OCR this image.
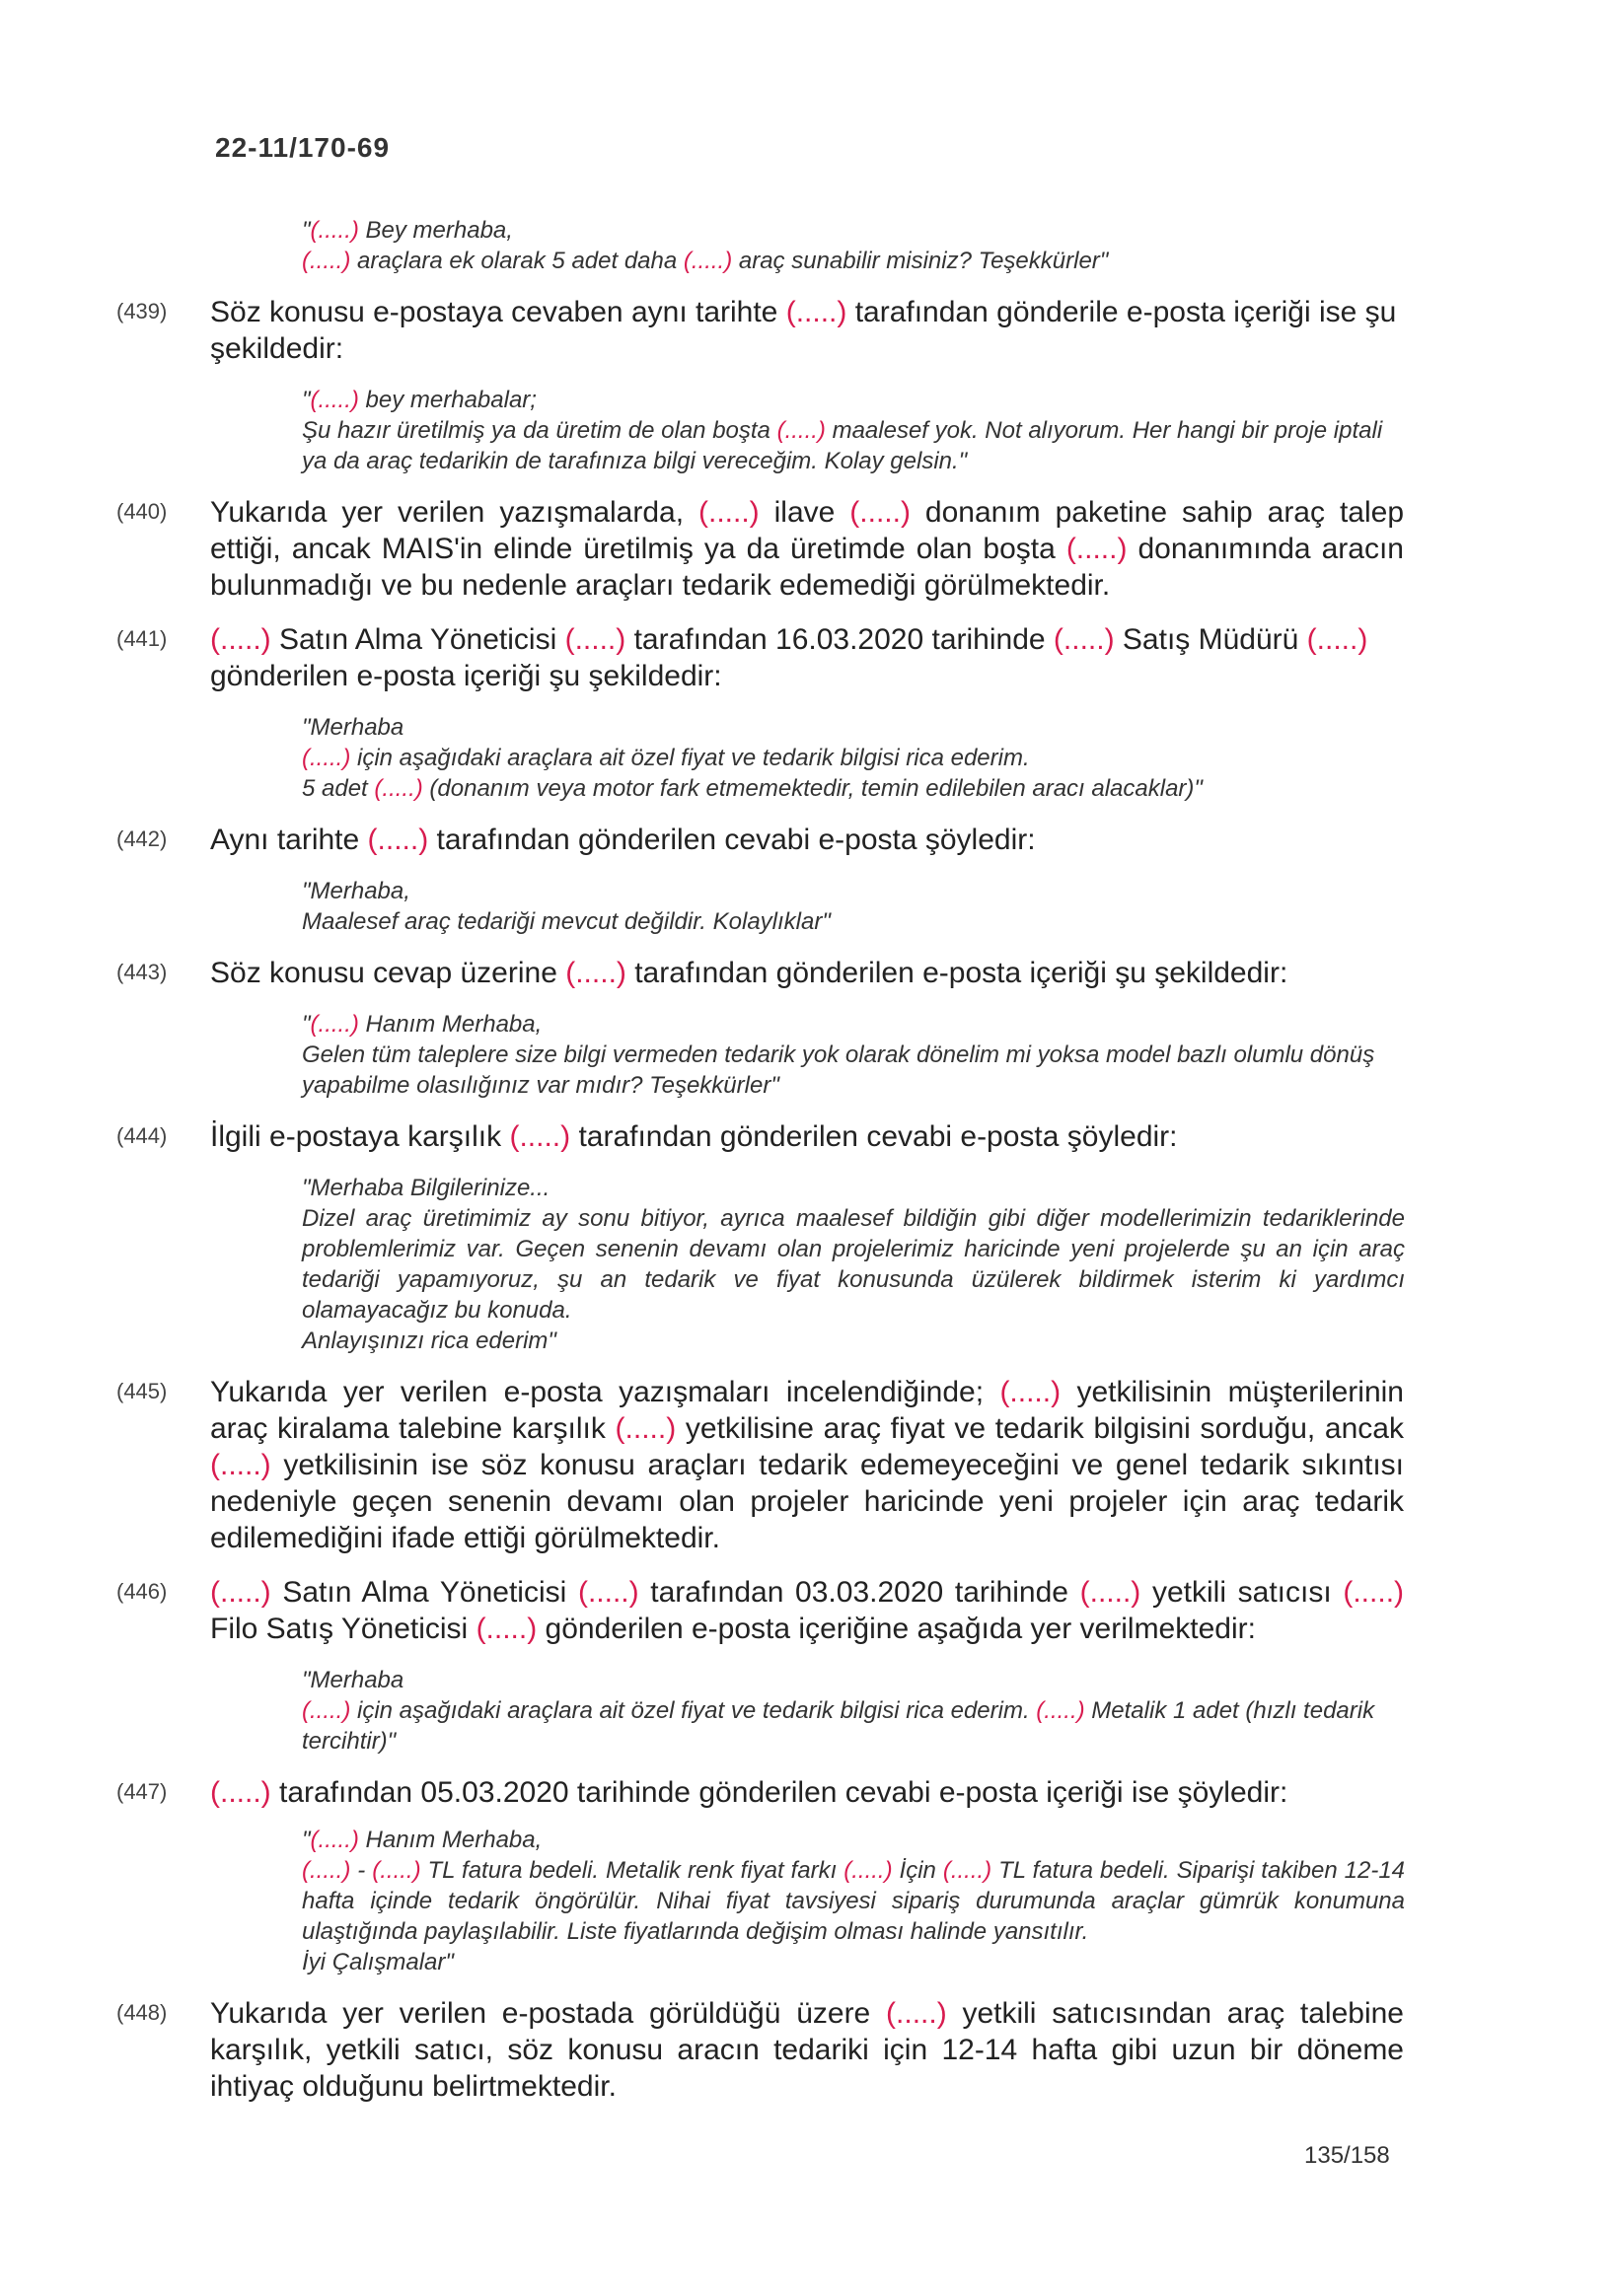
22-11/170-69
"(.....) Bey merhaba,
(.....) araçlara ek olarak 5 adet daha (.....) araç sunabilir misiniz? Teşekkürler"
(439)	Söz konusu e-postaya cevaben aynı tarihte (.....) tarafından gönderile e-posta içeriği ise şu şekildedir:
"(.....) bey merhabalar;
Şu hazır üretilmiş ya da üretim de olan boşta (.....) maalesef yok. Not alıyorum. Her hangi bir proje iptali ya da araç tedarikin de tarafınıza bilgi vereceğim. Kolay gelsin."
(440)	Yukarıda yer verilen yazışmalarda, (.....) ilave (.....) donanım paketine sahip araç talep ettiği, ancak MAIS'in elinde üretilmiş ya da üretimde olan boşta (.....) donanımında aracın bulunmadığı ve bu nedenle araçları tedarik edemediği görülmektedir.
(441)	(.....) Satın Alma Yöneticisi (.....) tarafından 16.03.2020 tarihinde (.....) Satış Müdürü (.....) gönderilen e-posta içeriği şu şekildedir:
"Merhaba
(.....) için aşağıdaki araçlara ait özel fiyat ve tedarik bilgisi rica ederim.
5 adet (.....) (donanım veya motor fark etmemektedir, temin edilebilen aracı alacaklar)"
(442)	Aynı tarihte (.....) tarafından gönderilen cevabi e-posta şöyledir:
"Merhaba,
Maalesef araç tedariği mevcut değildir. Kolaylıklar"
(443)	Söz konusu cevap üzerine (.....) tarafından gönderilen e-posta içeriği şu şekildedir:
"(.....) Hanım Merhaba,
Gelen tüm taleplere size bilgi vermeden tedarik yok olarak dönelim mi yoksa model bazlı olumlu dönüş yapabilme olasılığınız var mıdır? Teşekkürler"
(444)	İlgili e-postaya karşılık (.....) tarafından gönderilen cevabi e-posta şöyledir:
"Merhaba Bilgilerinize...
Dizel araç üretimimiz ay sonu bitiyor, ayrıca maalesef bildiğin gibi diğer modellerimizin tedariklerinde problemlerimiz var. Geçen senenin devamı olan projelerimiz haricinde yeni projelerde şu an için araç tedariği yapamıyoruz, şu an tedarik ve fiyat konusunda üzülerek bildirmek isterim ki yardımcı olamayacağız bu konuda.
Anlayışınızı rica ederim"
(445)	Yukarıda yer verilen e-posta yazışmaları incelendiğinde; (.....) yetkilisinin müşterilerinin araç kiralama talebine karşılık (.....) yetkilisine araç fiyat ve tedarik bilgisini sorduğu, ancak (.....) yetkilisinin ise söz konusu araçları tedarik edemeyeceğini ve genel tedarik sıkıntısı nedeniyle geçen senenin devamı olan projeler haricinde yeni projeler için araç tedarik edilemediğini ifade ettiği görülmektedir.
(446)	(.....) Satın Alma Yöneticisi (.....) tarafından 03.03.2020 tarihinde (.....) yetkili satıcısı (.....) Filo Satış Yöneticisi (.....) gönderilen e-posta içeriğine aşağıda yer verilmektedir:
"Merhaba
(.....) için aşağıdaki araçlara ait özel fiyat ve tedarik bilgisi rica ederim. (.....) Metalik 1 adet (hızlı tedarik tercihtir)"
(447)	(.....) tarafından 05.03.2020 tarihinde gönderilen cevabi e-posta içeriği ise şöyledir:
"(.....) Hanım Merhaba,
(.....) - (.....) TL fatura bedeli. Metalik renk fiyat farkı (.....) İçin (.....) TL fatura bedeli. Siparişi takiben 12-14 hafta içinde tedarik öngörülür. Nihai fiyat tavsiyesi sipariş durumunda araçlar gümrük konumuna ulaştığında paylaşılabilir. Liste fiyatlarında değişim olması halinde yansıtılır.
İyi Çalışmalar"
(448)	Yukarıda yer verilen e-postada görüldüğü üzere (.....) yetkili satıcısından araç talebine karşılık, yetkili satıcı, söz konusu aracın tedariki için 12-14 hafta gibi uzun bir döneme ihtiyaç olduğunu belirtmektedir.
135/158
